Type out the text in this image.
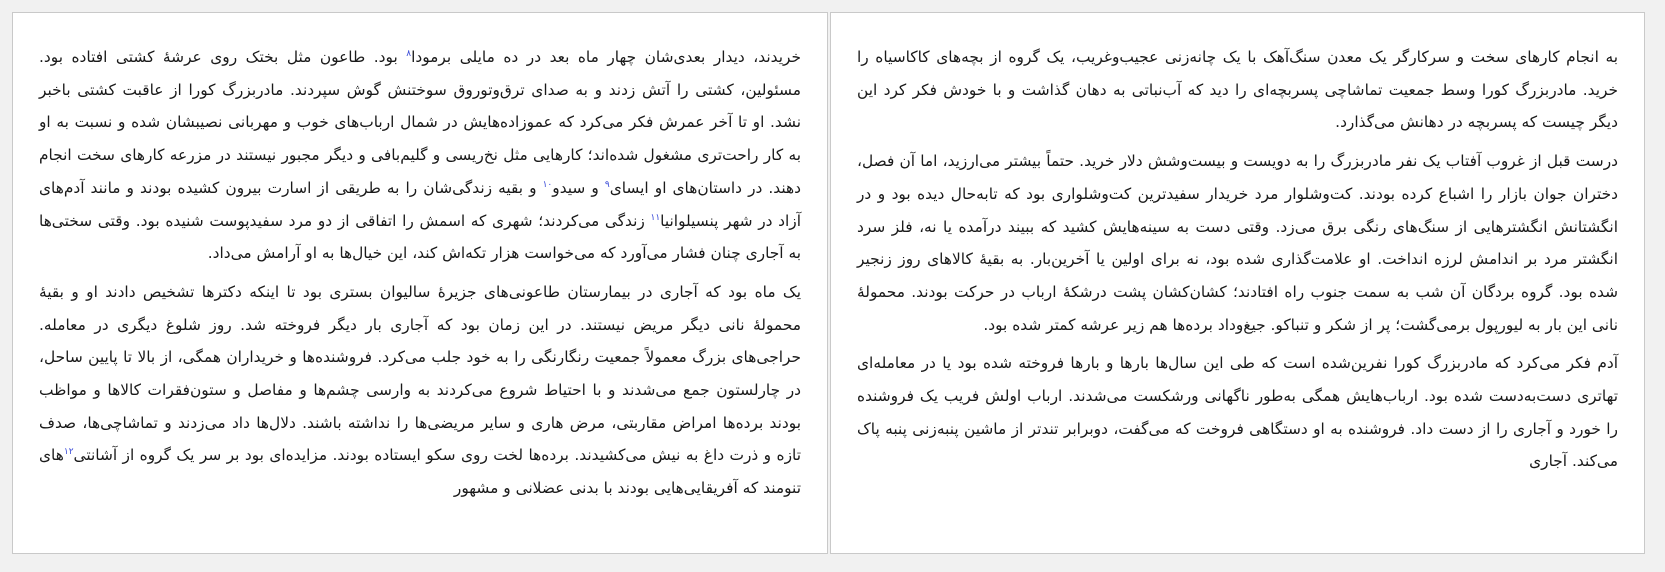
خریدند، دیدار بعدی‌شان چهار ماه بعد در ده مایلی برمودا$^۸$ بود. طاعون مثل بختک روی عرشهٔ کشتی افتاده بود. مسئولین، کشتی را آتش زدند و به صدای ترق‌وتوروق سوختنش گوش سپردند. مادربزرگ کورا از عاقبت کشتی باخبر نشد. او تا آخر عمرش فکر می‌کرد که عموزاده‌هایش در شمال ارباب‌های خوب و مهربانی نصیبشان شده و نسبت به او به کار راحت‌تری مشغول شده‌اند؛ کارهایی مثل نخ‌ریسی و گلیم‌بافی و دیگر مجبور نیستند در مزرعه کارهای سخت انجام دهند. در داستان‌های او ایسای$^۹$ و سیدو$^{۱۰}$ و بقیه زندگی‌شان را به طریقی از اسارت بیرون کشیده بودند و مانند آدم‌های آزاد در شهر پنسیلوانیا$^{۱۱}$ زندگی می‌کردند؛ شهری که اسمش را اتفاقی از دو مرد سفیدپوست شنیده بود. وقتی سختی‌ها به آجاری چنان فشار می‌آورد که می‌خواست هزار تکه‌اش کند، این خیال‌ها به او آرامش می‌داد.

یک ماه بود که آجاری در بیمارستان طاعونی‌های جزیرهٔ سالیوان بستری بود تا اینکه دکترها تشخیص دادند او و بقیهٔ محمولهٔ نانی دیگر مریض نیستند. در این زمان بود که آجاری بار دیگر فروخته شد. روز شلوغ دیگری در معامله. حراجی‌های بزرگ معمولاً جمعیت رنگارنگی را به خود جلب می‌کرد. فروشنده‌ها و خریداران همگی، از بالا تا پایین ساحل، در چارلستون جمع می‌شدند و با احتیاط شروع می‌کردند به وارسی چشم‌ها و مفاصل و ستون‌فقرات کالاها و مواظب بودند برده‌ها امراض مقاربتی، مرض هاری و سایر مریضی‌ها را نداشته باشند. دلال‌ها داد می‌زدند و تماشاچی‌ها، صدف تازه و ذرت داغ به نیش می‌کشیدند. برده‌ها لخت روی سکو ایستاده بودند. مزایده‌ای بود بر سر یک گروه از آشانتی$^{۱۲}$های تنومند که آفریقایی‌هایی بودند با بدنی عضلانی و مشهور

به انجام کارهای سخت و سرکارگر یک معدن سنگ‌آهک با یک چانه‌زنی عجیب‌وغریب، یک گروه از بچه‌های کاکاسیاه را خرید. مادربزرگ کورا وسط جمعیت تماشاچی پسربچه‌ای را دید که آب‌نباتی به دهان گذاشت و با خودش فکر کرد این دیگر چیست که پسربچه در دهانش می‌گذارد.

درست قبل از غروب آفتاب یک نفر مادربزرگ را به دویست و بیست‌وشش دلار خرید. حتماً بیشتر می‌ارزید، اما آن فصل، دختران جوان بازار را اشباع کرده بودند. کت‌وشلوار مرد خریدار سفیدترین کت‌وشلواری بود که تابه‌حال دیده بود و در انگشتانش انگشترهایی از سنگ‌های رنگی برق می‌زد. وقتی دست به سینه‌هایش کشید که ببیند درآمده یا نه، فلز سرد انگشتر مرد بر اندامش لرزه انداخت. او علامت‌گذاری شده بود، نه برای اولین یا آخرین‌بار. به بقیهٔ کالاهای روز زنجیر شده بود. گروه بردگان آن شب به سمت جنوب راه افتادند؛ کشان‌کشان پشت درشکهٔ ارباب در حرکت بودند. محمولهٔ نانی این بار به لیورپول برمی‌گشت؛ پر از شکر و تنباکو. جیغ‌وداد برده‌ها هم زیر عرشه کمتر شده بود.

آدم فکر می‌کرد که مادربزرگ کورا نفرین‌شده است که طی این سال‌ها بارها و بارها فروخته شده بود یا در معامله‌ای تهاتری دست‌به‌دست شده بود. ارباب‌هایش همگی به‌طور ناگهانی ورشکست می‌شدند. ارباب اولش فریب یک فروشنده را خورد و آجاری را از دست داد. فروشنده به او دستگاهی فروخت که می‌گفت، دوبرابر تندتر از ماشین پنبه‌زنی پنبه پاک می‌کند. آجاری
